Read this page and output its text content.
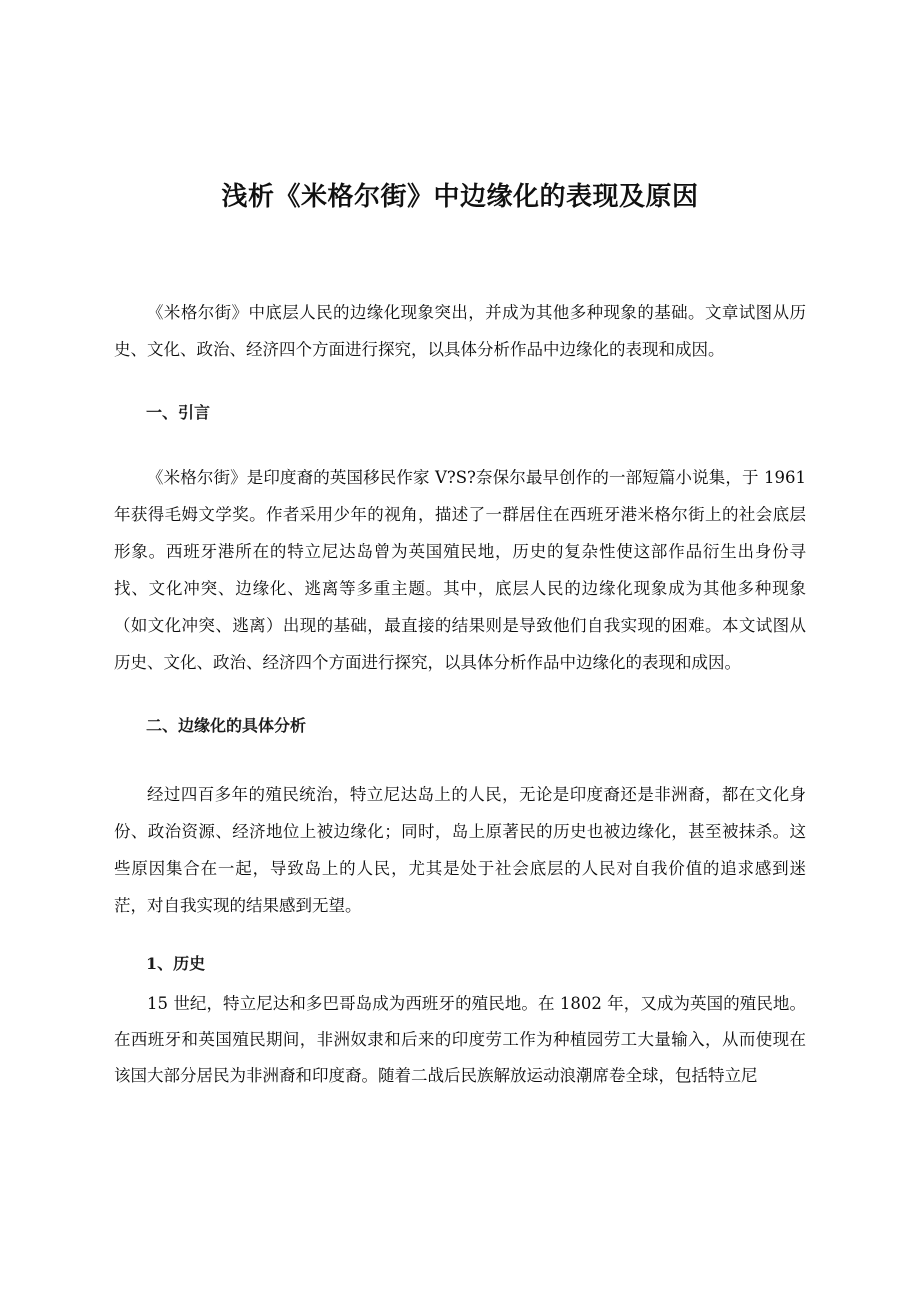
浅析《米格尔街》中边缘化的表现及原因

《米格尔街》中底层人民的边缘化现象突出，并成为其他多种现象的基础。文章试图从历史、文化、政治、经济四个方面进行探究，以具体分析作品中边缘化的表现和成因。

一、引言

《米格尔街》是印度裔的英国移民作家 V?S?奈保尔最早创作的一部短篇小说集，于 1961 年获得毛姆文学奖。作者采用少年的视角，描述了一群居住在西班牙港米格尔街上的社会底层形象。西班牙港所在的特立尼达岛曾为英国殖民地，历史的复杂性使这部作品衍生出身份寻找、文化冲突、边缘化、逃离等多重主题。其中，底层人民的边缘化现象成为其他多种现象（如文化冲突、逃离）出现的基础，最直接的结果则是导致他们自我实现的困难。本文试图从历史、文化、政治、经济四个方面进行探究，以具体分析作品中边缘化的表现和成因。

二、边缘化的具体分析

经过四百多年的殖民统治，特立尼达岛上的人民，无论是印度裔还是非洲裔，都在文化身份、政治资源、经济地位上被边缘化；同时，岛上原著民的历史也被边缘化，甚至被抹杀。这些原因集合在一起，导致岛上的人民，尤其是处于社会底层的人民对自我价值的追求感到迷茫，对自我实现的结果感到无望。

1、历史

15 世纪，特立尼达和多巴哥岛成为西班牙的殖民地。在 1802 年，又成为英国的殖民地。在西班牙和英国殖民期间，非洲奴隶和后来的印度劳工作为种植园劳工大量输入，从而使现在该国大部分居民为非洲裔和印度裔。随着二战后民族解放运动浪潮席卷全球，包括特立尼
